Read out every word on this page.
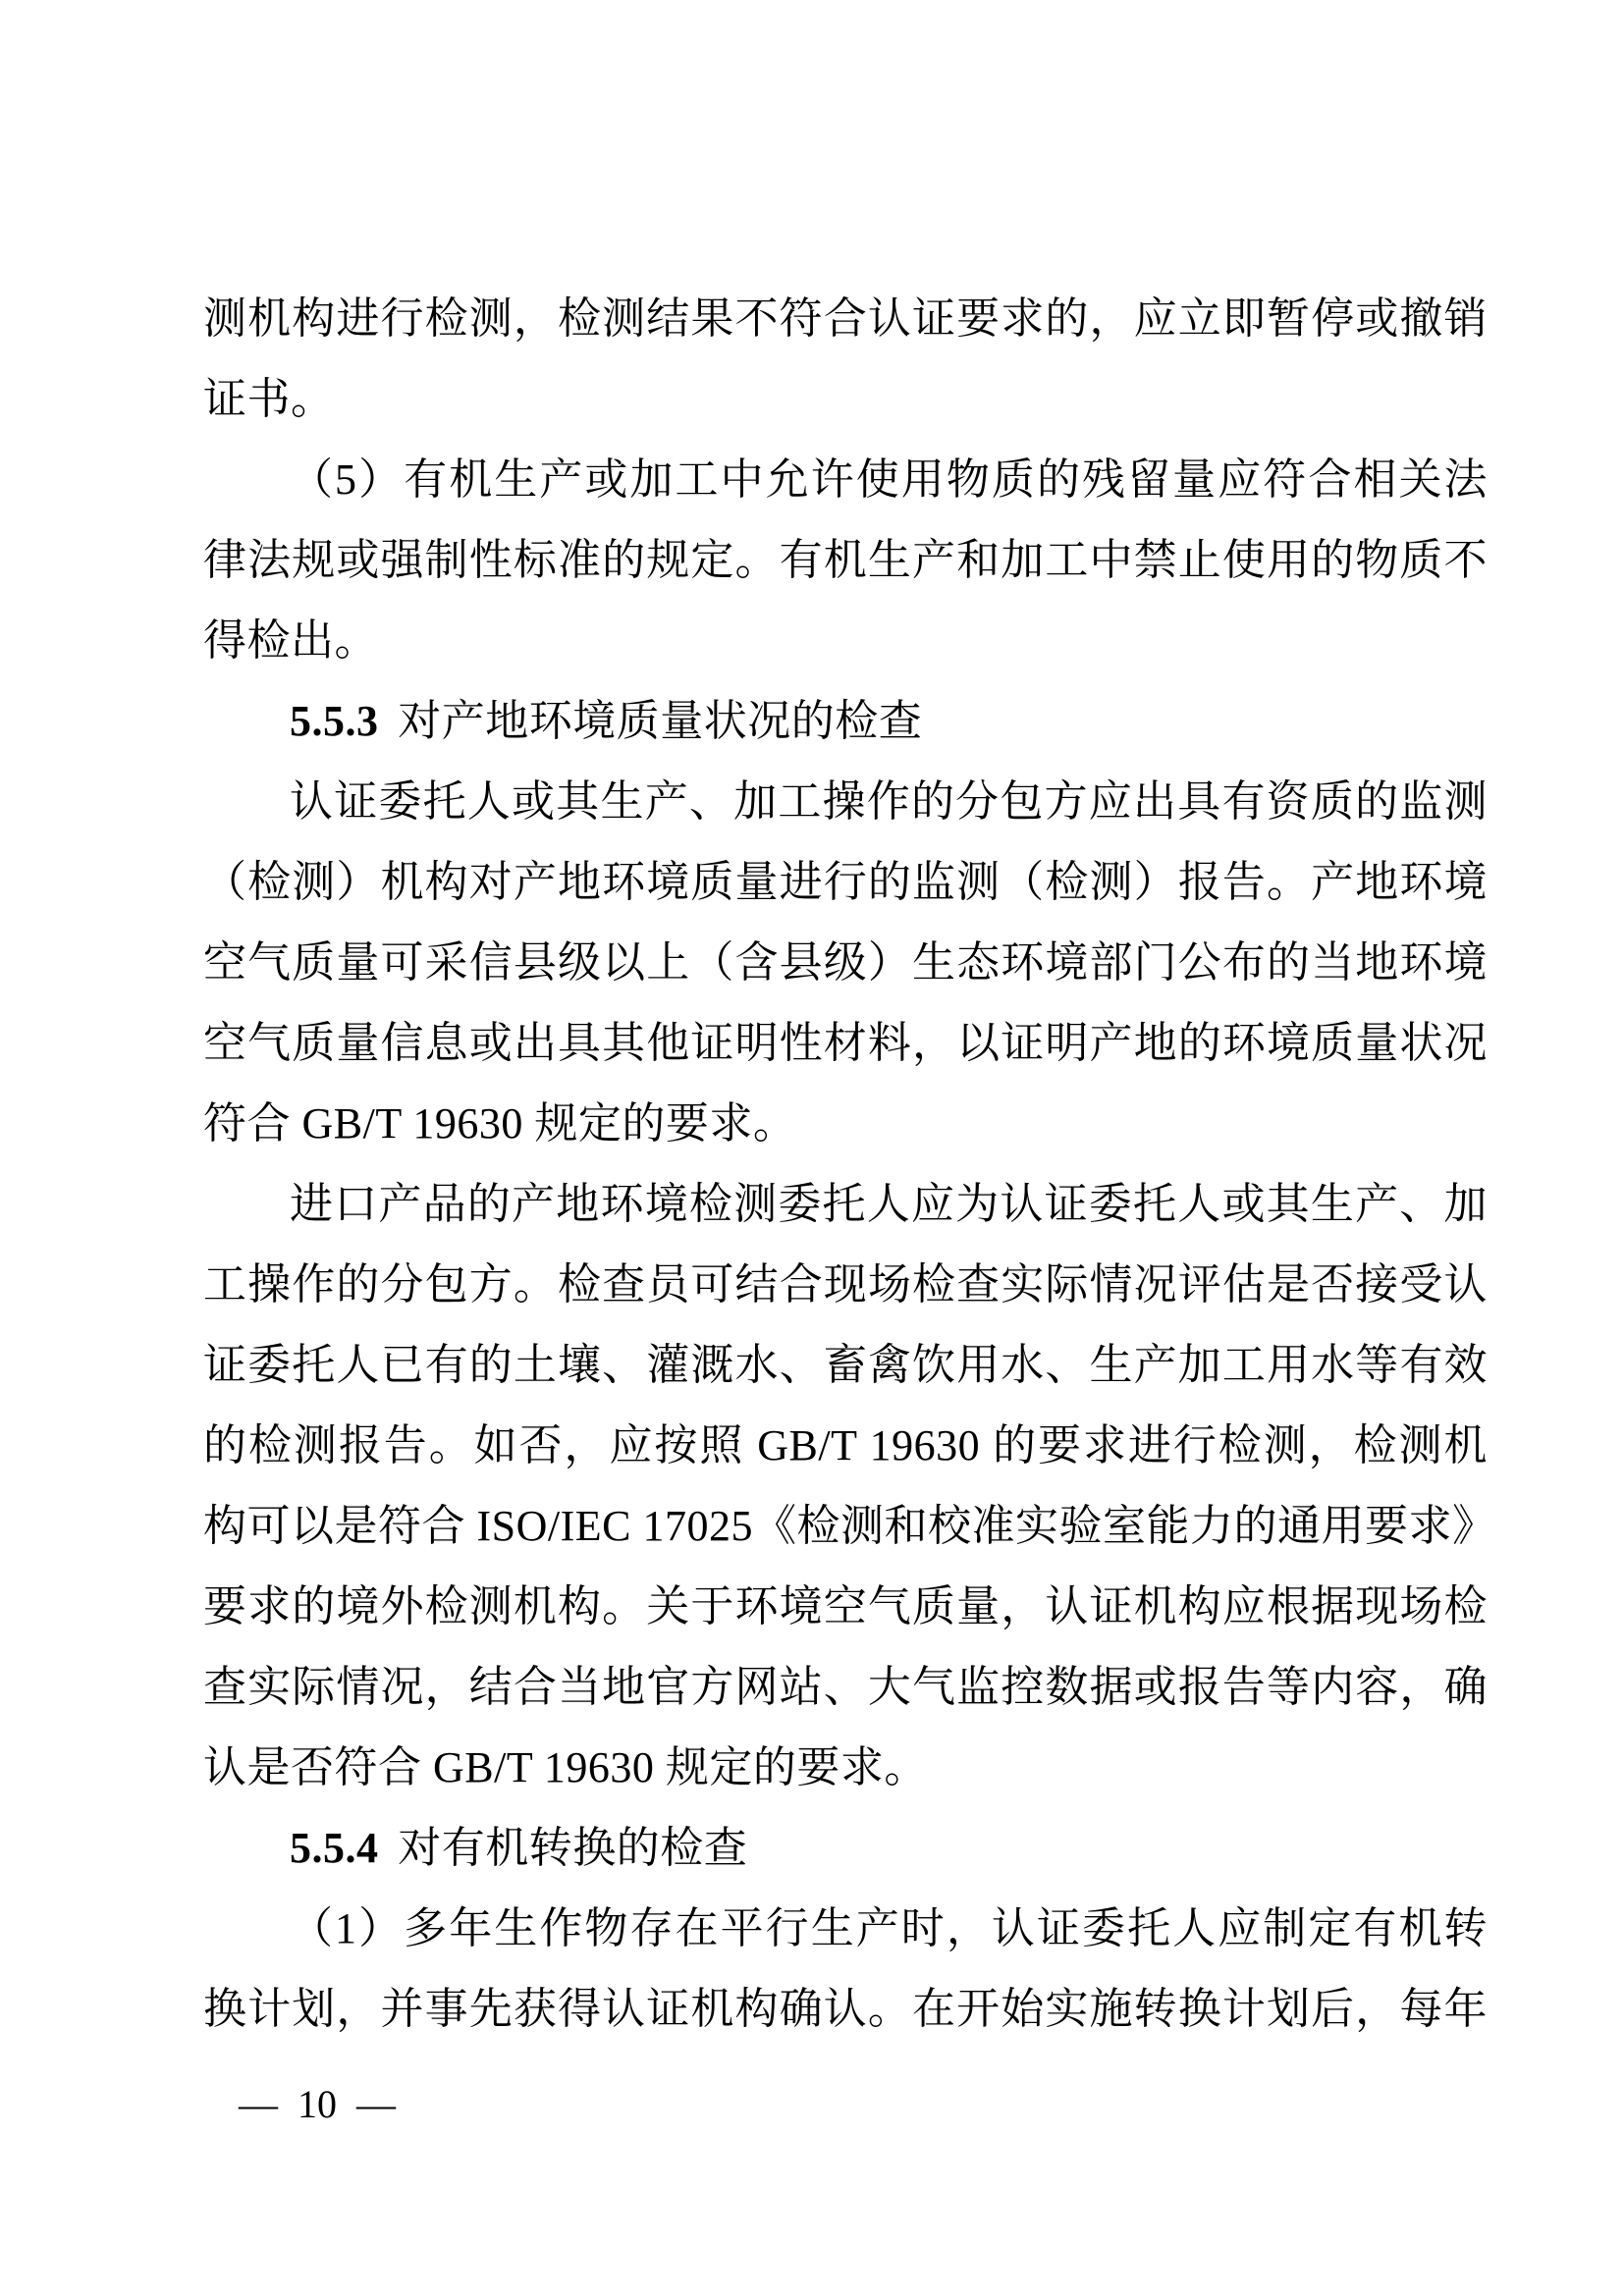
测机构进行检测，检测结果不符合认证要求的，应立即暂停或撤销
证书。
（5）有机生产或加工中允许使用物质的残留量应符合相关法
律法规或强制性标准的规定。有机生产和加工中禁止使用的物质不
得检出。
5.5.3 对产地环境质量状况的检查
认证委托人或其生产、加工操作的分包方应出具有资质的监测
（检测）机构对产地环境质量进行的监测（检测）报告。产地环境
空气质量可采信县级以上（含县级）生态环境部门公布的当地环境
空气质量信息或出具其他证明性材料，以证明产地的环境质量状况
符合 GB/T 19630 规定的要求。
进口产品的产地环境检测委托人应为认证委托人或其生产、加
工操作的分包方。检查员可结合现场检查实际情况评估是否接受认
证委托人已有的土壤、灌溉水、畜禽饮用水、生产加工用水等有效
的检测报告。如否，应按照 GB/T 19630 的要求进行检测，检测机
构可以是符合 ISO/IEC 17025《检测和校准实验室能力的通用要求》
要求的境外检测机构。关于环境空气质量，认证机构应根据现场检
查实际情况，结合当地官方网站、大气监控数据或报告等内容，确
认是否符合 GB/T 19630 规定的要求。
5.5.4 对有机转换的检查
（1）多年生作物存在平行生产时，认证委托人应制定有机转
换计划，并事先获得认证机构确认。在开始实施转换计划后，每年
— 10 —
